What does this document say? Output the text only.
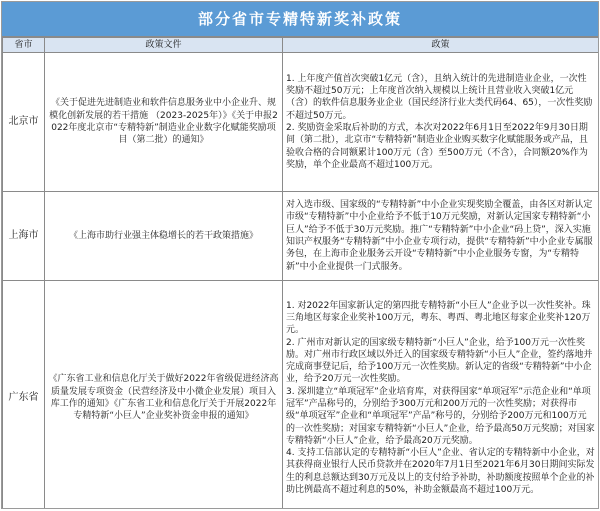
部分省市专精特新奖补政策
省市	政策文件	政策
北京市	《关于促进先进制造业和软件信息服务业中小企业升、规模化创新发展的若干措施 （2023-2025年）》《关于申报2022年度北京市“专精特新”制造业企业数字化赋能奖励项目（第二批）的通知》	1. 上年度产值首次突破1亿元（含），且纳入统计的先进制造业企业，一次性奖励不超过50万元；上年度首次纳入规模以上统计且营业收入突破1亿元（含）的软件信息服务业企业（国民经济行业大类代码64、65），一次性奖励不超过50万元。
2. 奖励资金采取后补助的方式，本次对2022年6月1日至2022年9月30日期间（第二批），北京市“专精特新”制造业企业购买数字化赋能服务或产品，且验收合格的合同额累计100万元（含）至500万元（不含），合同额20%作为奖励，单个企业最高不超过100万元。

上海市	《上海市助行业强主体稳增长的若干政策措施》	对入选市级、国家级的“专精特新”中小企业实现奖励全覆盖，由各区对新认定市级“专精特新”中小企业给予不低于10万元奖励，对新认定国家专精特新“小巨人”给予不低于30万元奖励。推广“专精特新”中小企业“码上贷”，深入实施知识产权服务“专精特新”中小企业专项行动，提供“专精特新”中小企业专属服务包，在上海市企业服务云开设“专精特新”中小企业服务专窗，为“专精特新”中小企业提供一门式服务。

广东省	《广东省工业和信息化厅关于做好2022年省级促进经济高质量发展专项资金（民营经济及中小微企业发展）项目入库工作的通知》《广东省工业和信息化厅关于开展2022年专精特新“小巨人”企业奖补资金申报的通知》	1. 对2022年国家新认定的第四批专精特新“小巨人”企业予以一次性奖补。珠三角地区每家企业奖补100万元，粤东、粤西、粤北地区每家企业奖补120万元。
2. 广州市对新认定的国家级专精特新“小巨人”企业，给予100万元一次性奖励。对广州市行政区域以外迁入的国家级专精特新“小巨人”企业，签约落地并完成商事登记后，给予100万元一次性奖励。新认定的省级“专精特新”中小企业，给予20万元一次性奖励。
3. 深圳建立“单项冠军”企业培育库，对获得国家“单项冠军”示范企业和“单项冠军”产品称号的，分别给予300万元和200万元的一次性奖励；对获得市级“单项冠军”企业和“单项冠军”产品”称号的，分别给予200万元和100万元的一次性奖励；对国家专精特新“小巨人”企业，给予最高50万元奖励；对国家专精特新“小巨人”企业，给予最高20万元奖励。
4. 支持工信部认定的专精特新“小巨人”企业、省认定的专精特新中小企业，对其获得商业银行人民币贷款并在2020年7月1日至2021年6月30日期间实际发生的利息总额达到30万元及以上的支付给予补助，补助额度按照单个企业的补助比例最高不超过利息的50%，补助金额最高不超过100万元。
